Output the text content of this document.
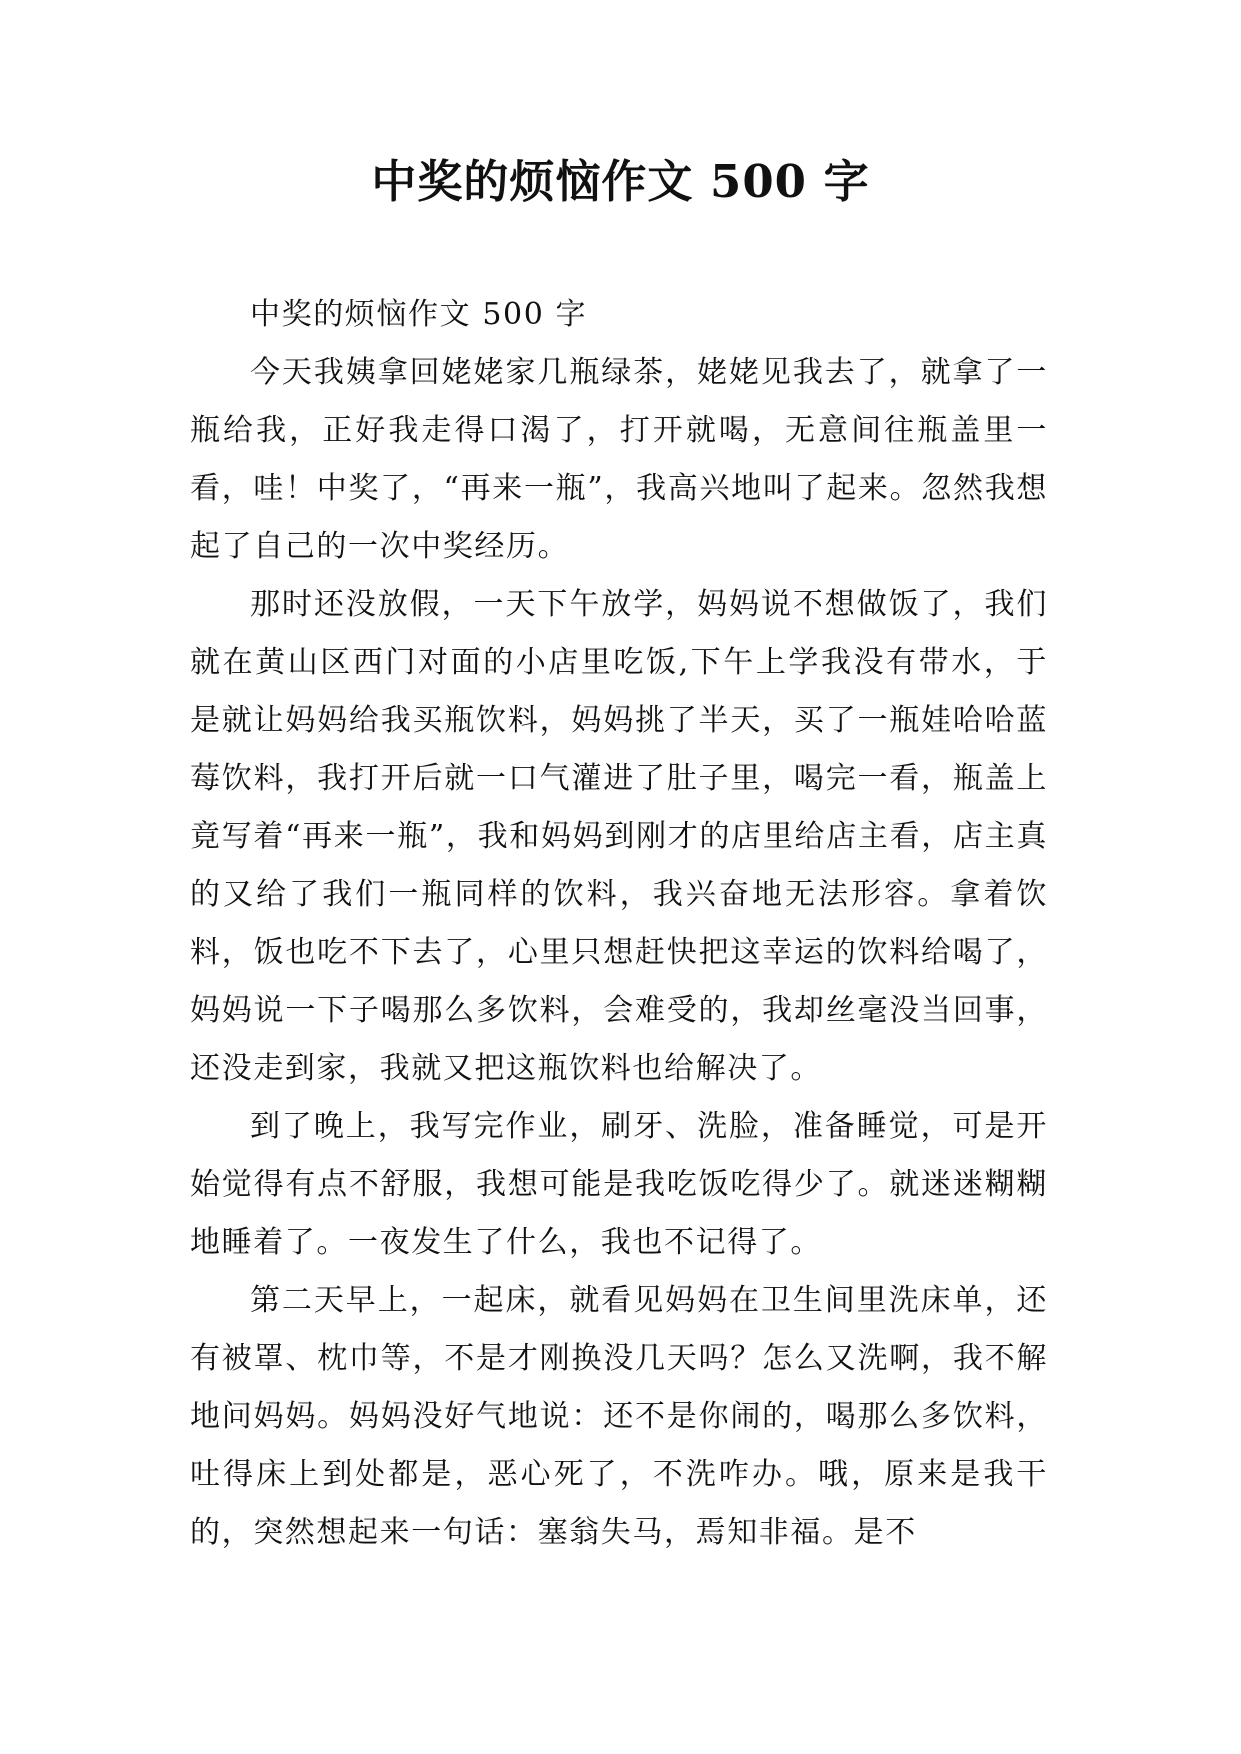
中奖的烦恼作文 500 字

中奖的烦恼作文 500 字

今天我姨拿回姥姥家几瓶绿茶，姥姥见我去了，就拿了一瓶给我，正好我走得口渴了，打开就喝，无意间往瓶盖里一看，哇！中奖了，“再来一瓶”，我高兴地叫了起来。忽然我想起了自己的一次中奖经历。

那时还没放假，一天下午放学，妈妈说不想做饭了，我们就在黄山区西门对面的小店里吃饭,下午上学我没有带水，于是就让妈妈给我买瓶饮料，妈妈挑了半天，买了一瓶娃哈哈蓝莓饮料，我打开后就一口气灌进了肚子里，喝完一看，瓶盖上竟写着“再来一瓶”，我和妈妈到刚才的店里给店主看，店主真的又给了我们一瓶同样的饮料，我兴奋地无法形容。拿着饮料，饭也吃不下去了，心里只想赶快把这幸运的饮料给喝了，妈妈说一下子喝那么多饮料，会难受的，我却丝毫没当回事，还没走到家，我就又把这瓶饮料也给解决了。

到了晚上，我写完作业，刷牙、洗脸，准备睡觉，可是开始觉得有点不舒服，我想可能是我吃饭吃得少了。就迷迷糊糊地睡着了。一夜发生了什么，我也不记得了。

第二天早上，一起床，就看见妈妈在卫生间里洗床单，还有被罩、枕巾等，不是才刚换没几天吗？怎么又洗啊，我不解地问妈妈。妈妈没好气地说：还不是你闹的，喝那么多饮料，吐得床上到处都是，恶心死了，不洗咋办。哦，原来是我干的，突然想起来一句话：塞翁失马，焉知非福。是不
